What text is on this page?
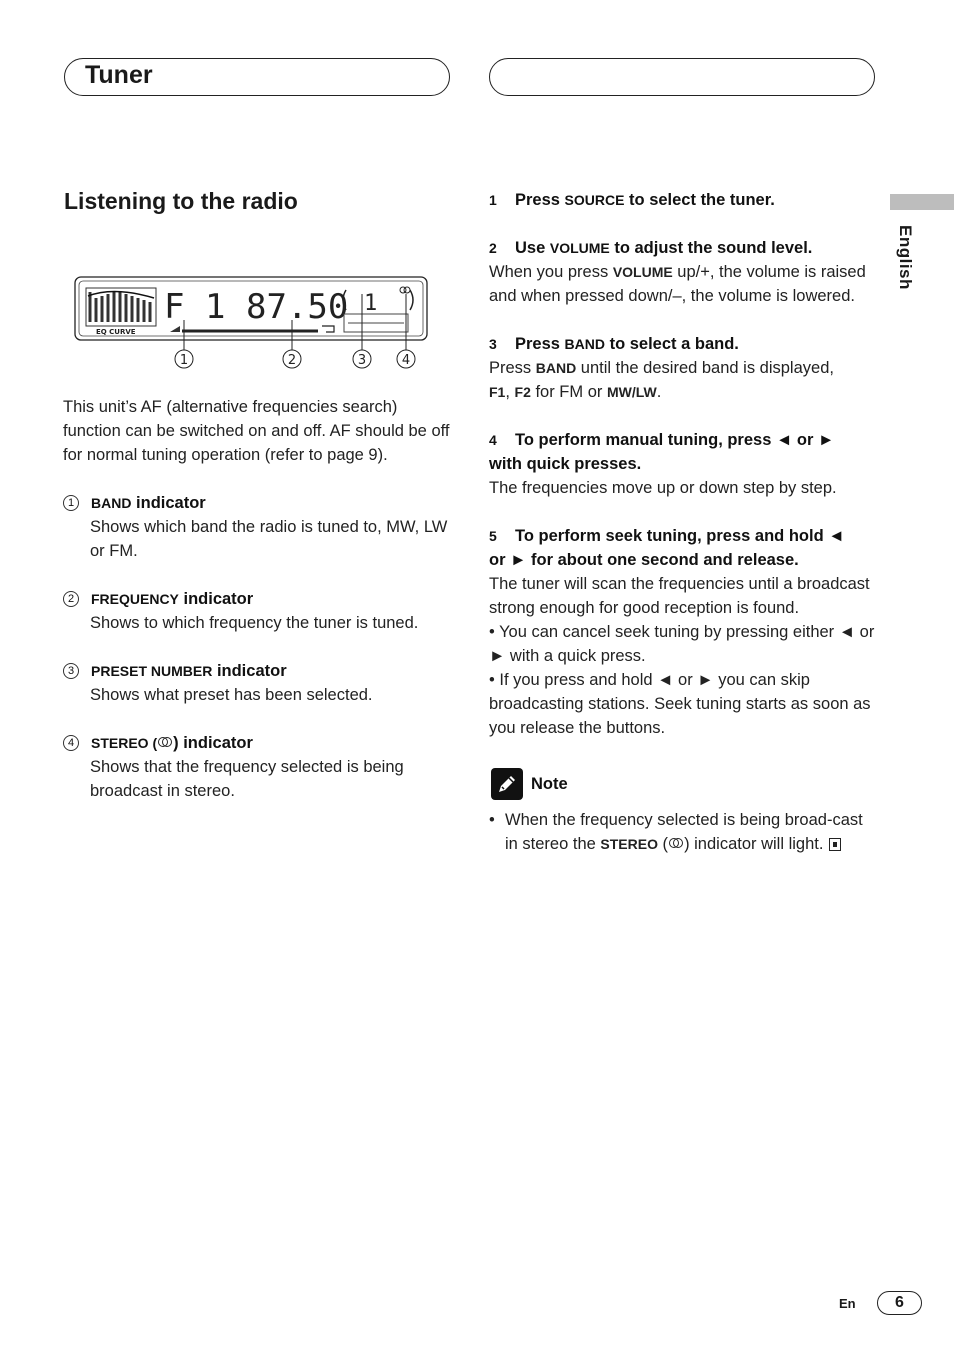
Tuner
English
Listening to the radio
EQ CURVE
F 1 87.50 1
1	2	3	4

This unit’s AF (alternative frequencies search) function can be switched on and off. AF should be off for normal tuning operation (refer to page 9).

1	BAND indicator

Shows which band the radio is tuned to, MW, LW or FM.

2	FREQUENCY indicator

Shows to which frequency the tuner is tuned.

3	PRESET NUMBER indicator

Shows what preset has been selected.

4	STEREO ( ) indicator

Shows that the frequency selected is being broadcast in stereo.

1 Press SOURCE to select the tuner.
2 Use VOLUME to adjust the sound level.

When you press VOLUME up/+, the volume is raised and when pressed down/–, the volume is lowered.

3 Press BAND to select a band.

Press BAND until the desired band is displayed,
F1, F2 for FM or MW/LW.

4 To perform manual tuning, press ◄ or ►
with quick presses.

The frequencies move up or down step by step.

5 To perform seek tuning, press and hold ◄
or ► for about one second and release.

The tuner will scan the frequencies until a broadcast strong enough for good reception is found.

• You can cancel seek tuning by pressing either ◄ or ► with a quick press.

• If you press and hold ◄ or ► you can skip broadcasting stations. Seek tuning starts as soon as you release the buttons.

Note
• When the frequency selected is being broad-cast in stereo the STEREO ( ) indicator will light.
En	6
